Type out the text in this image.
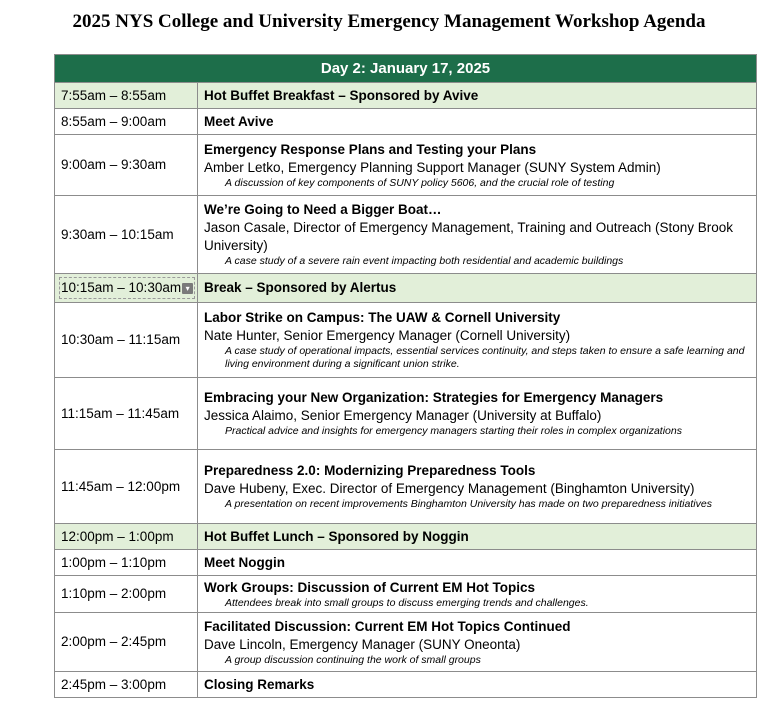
2025 NYS College and University Emergency Management Workshop Agenda
Day 2: January 17, 2025	
7:55am – 8:55am	Hot Buffet Breakfast – Sponsored by Avive

8:55am – 9:00am	Meet Avive

9:00am – 9:30am	Emergency Response Plans and Testing your Plans
Amber Letko, Emergency Planning Support Manager (SUNY System Admin)
A discussion of key components of SUNY policy 5606, and the crucial role of testing

9:30am – 10:15am	We’re Going to Need a Bigger Boat…
Jason Casale, Director of Emergency Management, Training and Outreach (Stony Brook University)
A case study of a severe rain event impacting both residential and academic buildings

10:15am – 10:30am ▾	Break – Sponsored by Alertus

10:30am – 11:15am	Labor Strike on Campus: The UAW & Cornell University
Nate Hunter, Senior Emergency Manager (Cornell University)
A case study of operational impacts, essential services continuity, and steps taken to ensure a safe learning and living environment during a significant union strike.

11:15am – 11:45am	Embracing your New Organization: Strategies for Emergency Managers
Jessica Alaimo, Senior Emergency Manager (University at Buffalo)
Practical advice and insights for emergency managers starting their roles in complex organizations

11:45am – 12:00pm	Preparedness 2.0: Modernizing Preparedness Tools
Dave Hubeny, Exec. Director of Emergency Management (Binghamton University)
A presentation on recent improvements Binghamton University has made on two preparedness initiatives

12:00pm – 1:00pm	Hot Buffet Lunch – Sponsored by Noggin

1:00pm – 1:10pm	Meet Noggin

1:10pm – 2:00pm	Work Groups: Discussion of Current EM Hot Topics
Attendees break into small groups to discuss emerging trends and challenges.

2:00pm – 2:45pm	Facilitated Discussion: Current EM Hot Topics Continued
Dave Lincoln, Emergency Manager (SUNY Oneonta)
A group discussion continuing the work of small groups

2:45pm – 3:00pm	Closing Remarks
